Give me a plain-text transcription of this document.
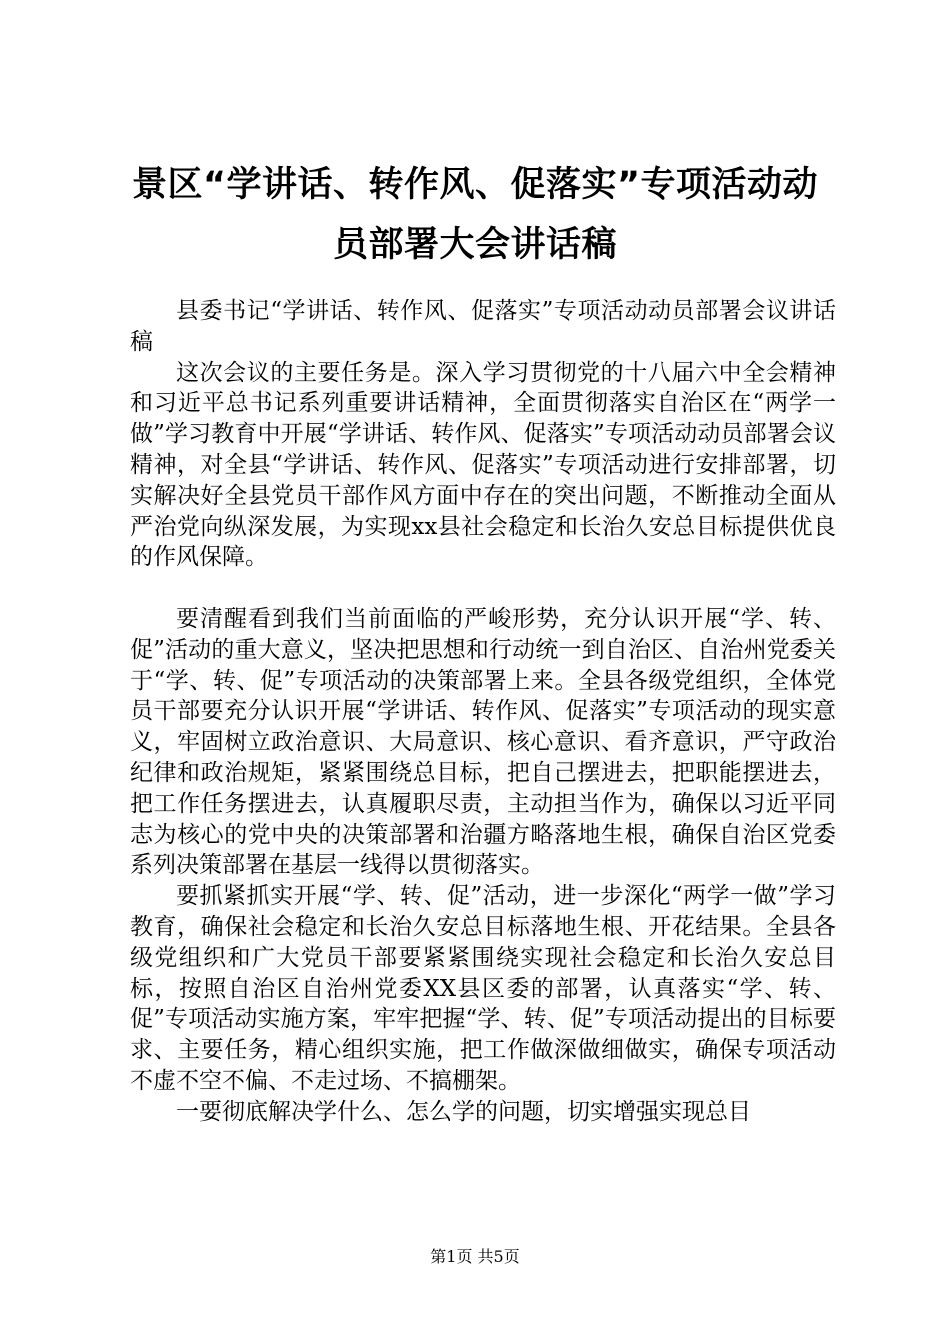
景区“学讲话、转作风、促落实”专项活动动
员部署大会讲话稿

县委书记“学讲话、转作风、促落实”专项活动动员部署会议讲话稿

这次会议的主要任务是。深入学习贯彻党的十八届六中全会精神和习近平总书记系列重要讲话精神，全面贯彻落实自治区在“两学一做”学习教育中开展“学讲话、转作风、促落实”专项活动动员部署会议精神，对全县“学讲话、转作风、促落实”专项活动进行安排部署，切实解决好全县党员干部作风方面中存在的突出问题，不断推动全面从严治党向纵深发展，为实现xx县社会稳定和长治久安总目标提供优良的作风保障。

要清醒看到我们当前面临的严峻形势，充分认识开展“学、转、促”活动的重大意义，坚决把思想和行动统一到自治区、自治州党委关于“学、转、促”专项活动的决策部署上来。全县各级党组织，全体党员干部要充分认识开展“学讲话、转作风、促落实”专项活动的现实意义，牢固树立政治意识、大局意识、核心意识、看齐意识，严守政治纪律和政治规矩，紧紧围绕总目标，把自己摆进去，把职能摆进去，把工作任务摆进去，认真履职尽责，主动担当作为，确保以习近平同志为核心的党中央的决策部署和治疆方略落地生根，确保自治区党委系列决策部署在基层一线得以贯彻落实。

要抓紧抓实开展“学、转、促”活动，进一步深化“两学一做”学习教育，确保社会稳定和长治久安总目标落地生根、开花结果。全县各级党组织和广大党员干部要紧紧围绕实现社会稳定和长治久安总目标，按照自治区自治州党委XX县区委的部署，认真落实“学、转、促”专项活动实施方案，牢牢把握“学、转、促”专项活动提出的目标要求、主要任务，精心组织实施，把工作做深做细做实，确保专项活动不虚不空不偏、不走过场、不搞棚架。

一要彻底解决学什么、怎么学的问题，切实增强实现总目

第1页 共5页
